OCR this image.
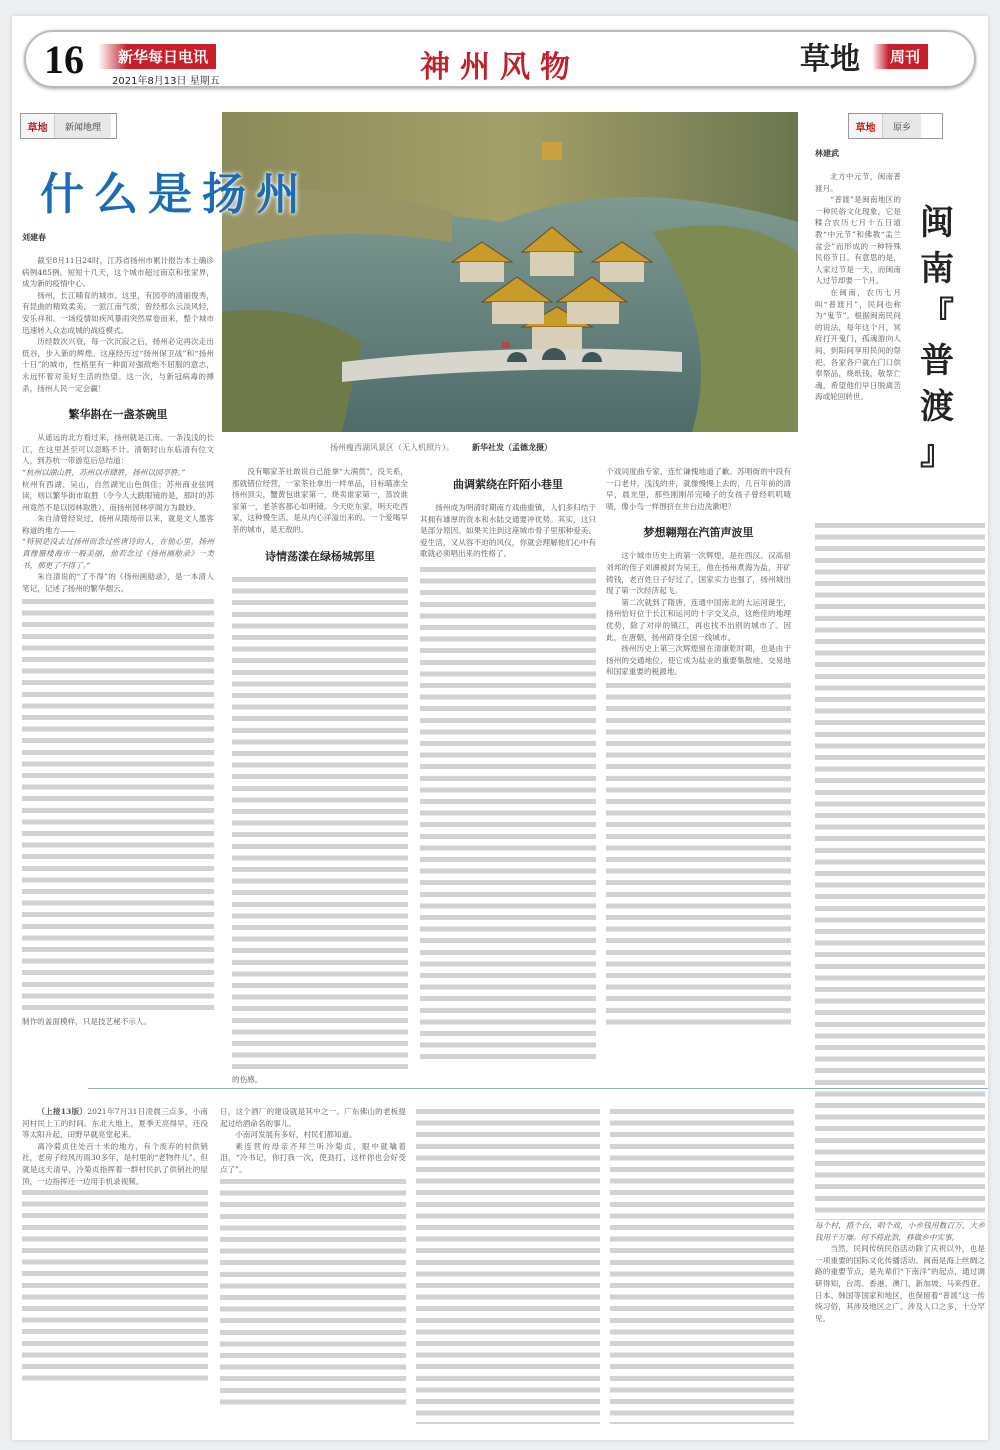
16	新华每日电讯
2021年8月13日 星期五	神州风物	草地	周刊
草地	新闻地理	草地	原乡
什么是扬州
扬州瘦西湖风景区（无人机照片）。 新华社发（孟德龙摄）
刘建春

截至8月11日24时，江苏省扬州市累计报告本土确诊病例485例。短短十几天，这个城市超过南京和张家界，成为新的疫情中心。

扬州，长江哺育的城市。这里，有园亭的清丽俊秀，有昆曲的精致柔美，一派江南气质，曾经那么云淡风轻，安乐祥和。一场疫情如疾风暴雨突然席卷而来，整个城市迅速转入众志成城的战疫模式。

历经数次兴衰，每一次沉寂之后，扬州必定再次走出低谷，步入新的辉煌。这座经历过“扬州保卫战”和“扬州十日”的城市，性格里有一种面对强敌绝不屈服的意志，永远怀着对美好生活的热望。这一次，与新冠病毒的搏杀，扬州人民一定会赢！

繁华斟在一盏茶碗里

从遥远的北方看过来，扬州就是江南。一条浅浅的长江，在这里甚至可以忽略不计。清朝时山东临清有位文人，到苏杭一带游览后总结道：

“杭州以湖山胜，苏州以市肆胜，扬州以园亭胜。”
杭州有西湖、吴山，自然湖光山色俱佳；苏州商业弦网读，则以繁华街市取胜（令今人大跌眼镜的是，那时的苏州竟然不是以园林取胜），而扬州园林亭阁方为最妙。

朱自清曾经说过，扬州从隋炀帝以来，就是文人墨客称道的地方——

“特别是没去过扬州而念过些唐诗的人，在他心里，扬州真像蜃楼海市一般美丽，他若念过《扬州画舫录》一类书，那更了不得了。”

朱自清说的“了不得”的《扬州画舫录》，是一本清人笔记，记述了扬州的繁华烟云。

制作的盖面模样，只是技艺秘不示人。

没有哪家茶社敢说自己能拿“大满贯”，没关系，那就错位经营，一家茶社拿出一样单品，目标瞄准全扬州顶尖，蟹黄包谁家第一，烧卖谁家第一，蒸饺谁家第一，老茶客都心如明镜。今天吃东家，明天吃西家，这种慢生活，是从内心洋溢出来的。一个爱喝早茶的城市，是无敌的。

诗情荡漾在绿杨城郭里
的伤感。
曲调萦绕在阡陌小巷里

扬州成为明清时期南方戏曲重镇，人们多归结于其拥有雄厚的资本和水陆交通要冲优势。其实，这只是部分原因。如果关注到这座城市骨子里那种爱美、爱生活，又从容不迫的风仪，你就会理解他们心中有歌就必须唱出来的性格了。

个戏词度曲专家，连忙谦愧地道了歉。苏唱街的中段有一口老井，浅浅的井，就像慢慢上去的，几百年前的清早，晨光里，那些刚刚吊完嗓子的女孩子曾经叽叽喳喳，像小鸟一样围挤在井台边洗漱吧？

梦想翱翔在汽笛声波里

这个城市历史上的第一次辉煌，是在西汉。汉高祖刘邦的侄子刘濞被封为吴王，他在扬州煮海为盐，开矿铸钱，老百姓日子好过了，国家实力也强了，扬州城出现了第一次经济起飞。

第二次就到了隋唐，连通中国南北的大运河诞生，扬州恰好位于长江和运河的十字交叉点，这绝佳的地理优势，除了对岸的镇江，再也找不出别的城市了。因此，在唐朝，扬州跻身全国一线城市。

扬州历史上第三次辉煌留在清康乾时期，也是由于扬州的交通地位，使它成为盐业的重要集散地、交易地和国家重要的税源地。

闽
南
『
普
渡
』
林建武

北方中元节，闽南普渡月。

“普渡”是闽南地区的一种民俗文化现象，它是糅合农历七月十五日道教“中元节”和佛教“盂兰盆会”而形成的一种特殊民俗节日。有意思的是，人家过节是一天，而闽南人过节却要一个月。

在闽南，农历七月叫“普渡月”，民间也称为“鬼节”。根据闽南民间的说法，每年这个月，冥府打开鬼门，孤魂游向人间，到阳间享用民间的祭祀，各家各户就在门口供奉祭品，烧纸钱，敬祭亡魂，希望他们早日脱离苦海或轮回转世。

每个村，搭个台，唱个戏，小乡钱用数百万，大乡钱用千万糜。何不将此款，移做乡中实事。

当然，民间传统民俗活动除了庆祝以外，也是一项重要的国际文化传播活动。闽南是海上丝绸之路的重要节点，是先辈们“下南洋”的起点，通过调研得知，台湾、香港、澳门、新加坡、马来西亚、日本、韩国等国家和地区，也保留着“普渡”这一传统习俗，其涉及地区之广、涉及人口之多，十分罕见。

（上接13版）2021年7月31日凌晨三点多，小南河村民上工的时间。东北大地上，夏季天亮得早，还没等太阳升起，田野早就亮堂起来。

离冷菊贞住处百十米的地方，有个废弃的村供销社，老房子经风历雨30多年，是村里的“老物件儿”。但就是这天清早，冷菊贞指挥着一群村民扒了供销社的屋顶，一边指挥还一边用手机录视频。

日，这个酒厂的建设就是其中之一。广东佛山的老板提起过给酒命名的事儿。

小南河发展有多好，村民们都知道。

素连营的母亲齐拜兰听冷菊贞，眼中就噙着泪，“冷书记，你打我一次，使劲打，这样你也会好受点了”。
